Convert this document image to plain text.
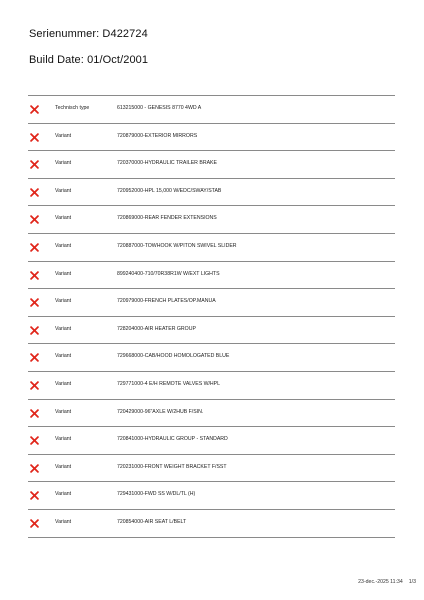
Serienummer: D422724
Build Date: 01/Oct/2001
Technisch type	613215000 - GENESIS 8770 4WD A
Variant	720879000-EXTERIOR MIRRORS
Variant	720370000-HYDRAULIC TRAILER BRAKE
Variant	720952000-HPL 15,000 W/EDC/SWAY/STAB
Variant	720869000-REAR FENDER EXTENSIONS
Variant	720887000-TOWHOOK W/PITON SWIVEL SLIDER
Variant	899240400-710/70R38R1W W/EXT LIGHTS
Variant	720979000-FRENCH PLATES/OP.MANUA
Variant	728204000-AIR HEATER GROUP
Variant	729668000-CAB/HOOD HOMOLOGATED BLUE
Variant	729771000-4 E/H REMOTE VALVES W/HPL
Variant	720429000-96"AXLE W/2HUB F/SIN.
Variant	720841000-HYDRAULIC GROUP - STANDARD
Variant	720231000-FRONT WEIGHT BRACKET F/SST
Variant	729431000-FWD SS W/DL/TL (H)
Variant	720854000-AIR SEAT L/BELT
23-dec.-2025 11:34 1/3
